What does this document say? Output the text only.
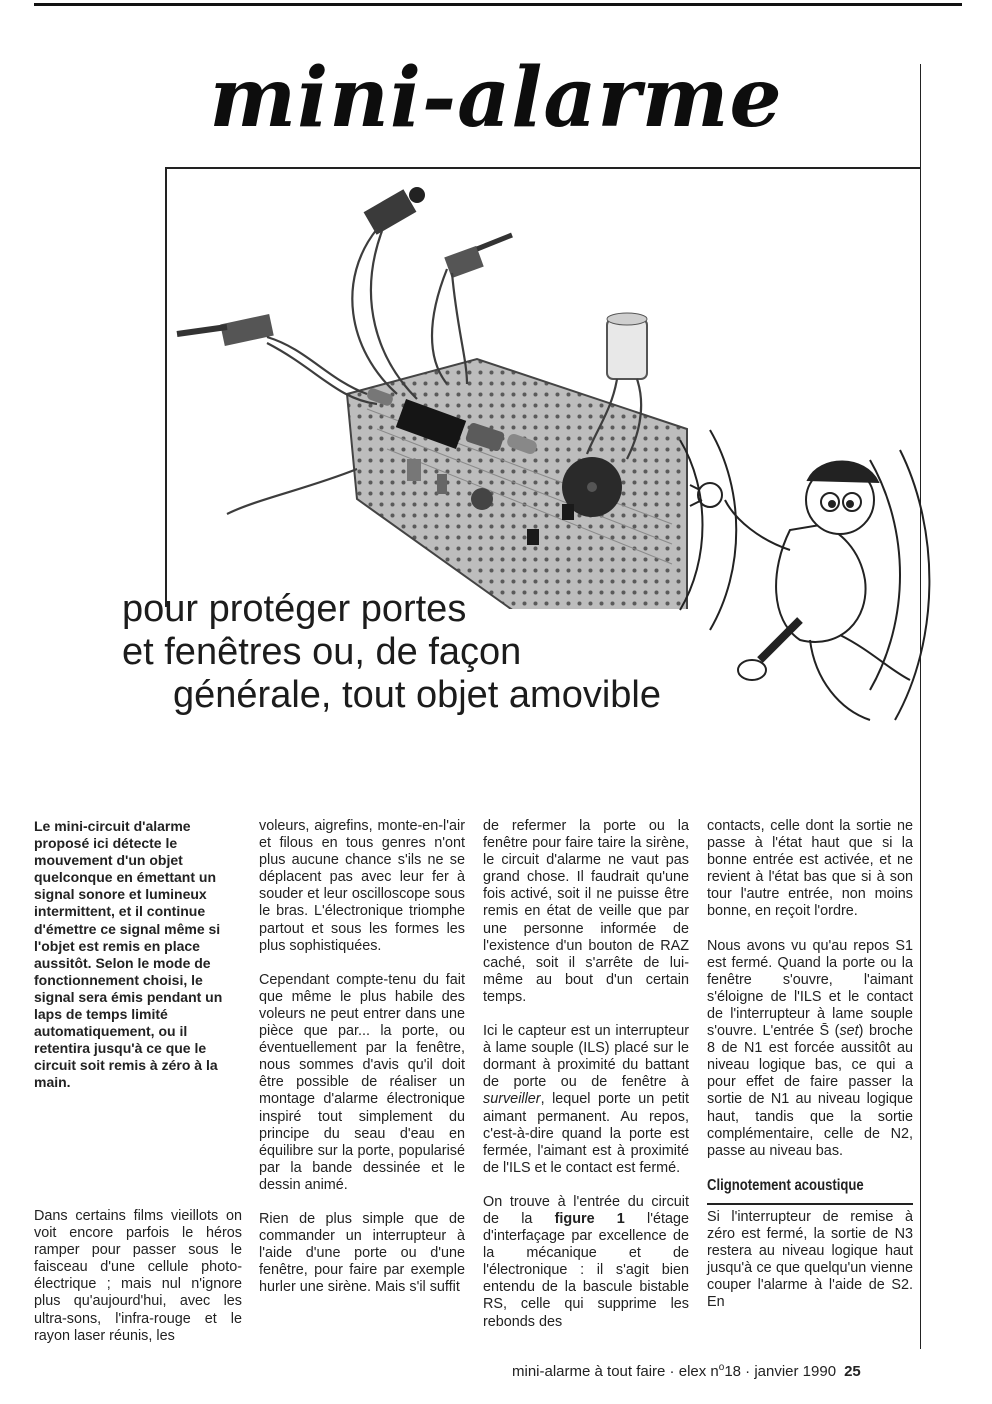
mini-alarme
pour protéger portes
et fenêtres ou, de façon
générale, tout objet amovible

Le mini-circuit d'alarme proposé ici détecte le mouvement d'un objet quelconque en émettant un signal sonore et lumineux intermittent, et il continue d'émettre ce signal même si l'objet est remis en place aussitôt. Selon le mode de fonctionnement choisi, le signal sera émis pendant un laps de temps limité automatiquement, ou il retentira jusqu'à ce que le circuit soit remis à zéro à la main.

Dans certains films vieillots on voit encore parfois le héros ramper pour passer sous le faisceau d'une cellule photo-électrique ; mais nul n'ignore plus qu'aujourd'hui, avec les ultra-sons, l'infra-rouge et le rayon laser réunis, les

voleurs, aigrefins, monte-en-l'air et filous en tous genres n'ont plus aucune chance s'ils ne se déplacent pas avec leur fer à souder et leur oscilloscope sous le bras. L'électronique triomphe partout et sous les formes les plus sophistiquées.

Cependant compte-tenu du fait que même le plus habile des voleurs ne peut entrer dans une pièce que par... la porte, ou éventuellement par la fenêtre, nous sommes d'avis qu'il doit être possible de réaliser un montage d'alarme électronique inspiré tout simplement du principe du seau d'eau en équilibre sur la porte, popularisé par la bande dessinée et le dessin animé.

Rien de plus simple que de commander un interrupteur à l'aide d'une porte ou d'une fenêtre, pour faire par exemple hurler une sirène. Mais s'il suffit

de refermer la porte ou la fenêtre pour faire taire la sirène, le circuit d'alarme ne vaut pas grand chose. Il faudrait qu'une fois activé, soit il ne puisse être remis en état de veille que par une personne informée de l'existence d'un bouton de RAZ caché, soit il s'arrête de lui-même au bout d'un certain temps.

Ici le capteur est un interrupteur à lame souple (ILS) placé sur le dormant à proximité du battant de porte ou de fenêtre à surveiller, lequel porte un petit aimant permanent. Au repos, c'est-à-dire quand la porte est fermée, l'aimant est à proximité de l'ILS et le contact est fermé.

On trouve à l'entrée du circuit de la figure 1 l'étage d'interfaçage par excellence de la mécanique et de l'électronique : il s'agit bien entendu de la bascule bistable RS, celle qui supprime les rebonds des

contacts, celle dont la sortie ne passe à l'état haut que si la bonne entrée est activée, et ne revient à l'état bas que si à son tour l'autre entrée, non moins bonne, en reçoit l'ordre.

Nous avons vu qu'au repos S1 est fermé. Quand la porte ou la fenêtre s'ouvre, l'aimant s'éloigne de l'ILS et le contact de l'interrupteur à lame souple s'ouvre. L'entrée S̄ (set) broche 8 de N1 est forcée aussitôt au niveau logique bas, ce qui a pour effet de faire passer la sortie de N1 au niveau logique haut, tandis que la sortie complémentaire, celle de N2, passe au niveau bas.

Clignotement acoustique

Si l'interrupteur de remise à zéro est fermé, la sortie de N3 restera au niveau logique haut jusqu'à ce que quelqu'un vienne couper l'alarme à l'aide de S2. En

mini-alarme à tout faire · elex $n^o18$ · janvier 1990 25
